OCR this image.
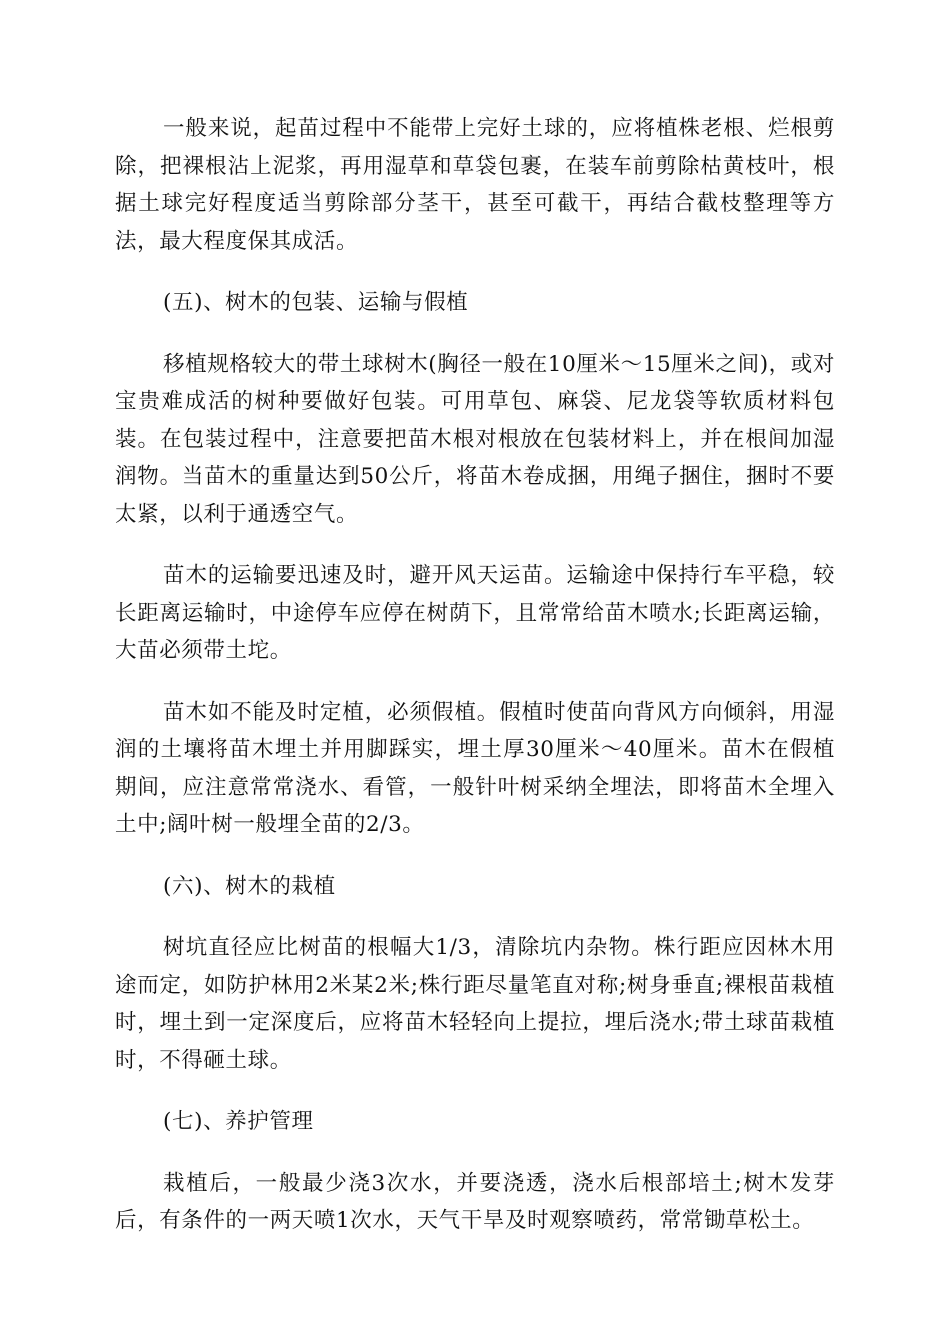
一般来说，起苗过程中不能带上完好土球的，应将植株老根、烂根剪除，把裸根沾上泥浆，再用湿草和草袋包裹，在装车前剪除枯黄枝叶，根据土球完好程度适当剪除部分茎干，甚至可截干，再结合截枝整理等方法，最大程度保其成活。

(五)、树木的包装、运输与假植

移植规格较大的带土球树木(胸径一般在10厘米～15厘米之间)，或对宝贵难成活的树种要做好包装。可用草包、麻袋、尼龙袋等软质材料包装。在包装过程中，注意要把苗木根对根放在包装材料上，并在根间加湿润物。当苗木的重量达到50公斤，将苗木卷成捆，用绳子捆住，捆时不要太紧，以利于通透空气。

苗木的运输要迅速及时，避开风天运苗。运输途中保持行车平稳，较长距离运输时，中途停车应停在树荫下，且常常给苗木喷水;长距离运输，大苗必须带土坨。

苗木如不能及时定植，必须假植。假植时使苗向背风方向倾斜，用湿润的土壤将苗木埋土并用脚踩实，埋土厚30厘米～40厘米。苗木在假植期间，应注意常常浇水、看管，一般针叶树采纳全埋法，即将苗木全埋入土中;阔叶树一般埋全苗的2/3。

(六)、树木的栽植

树坑直径应比树苗的根幅大1/3，清除坑内杂物。株行距应因林木用途而定，如防护林用2米某2米;株行距尽量笔直对称;树身垂直;裸根苗栽植时，埋土到一定深度后，应将苗木轻轻向上提拉，埋后浇水;带土球苗栽植时，不得砸土球。

(七)、养护管理

栽植后，一般最少浇3次水，并要浇透，浇水后根部培土;树木发芽后，有条件的一两天喷1次水，天气干旱及时观察喷药，常常锄草松土。
